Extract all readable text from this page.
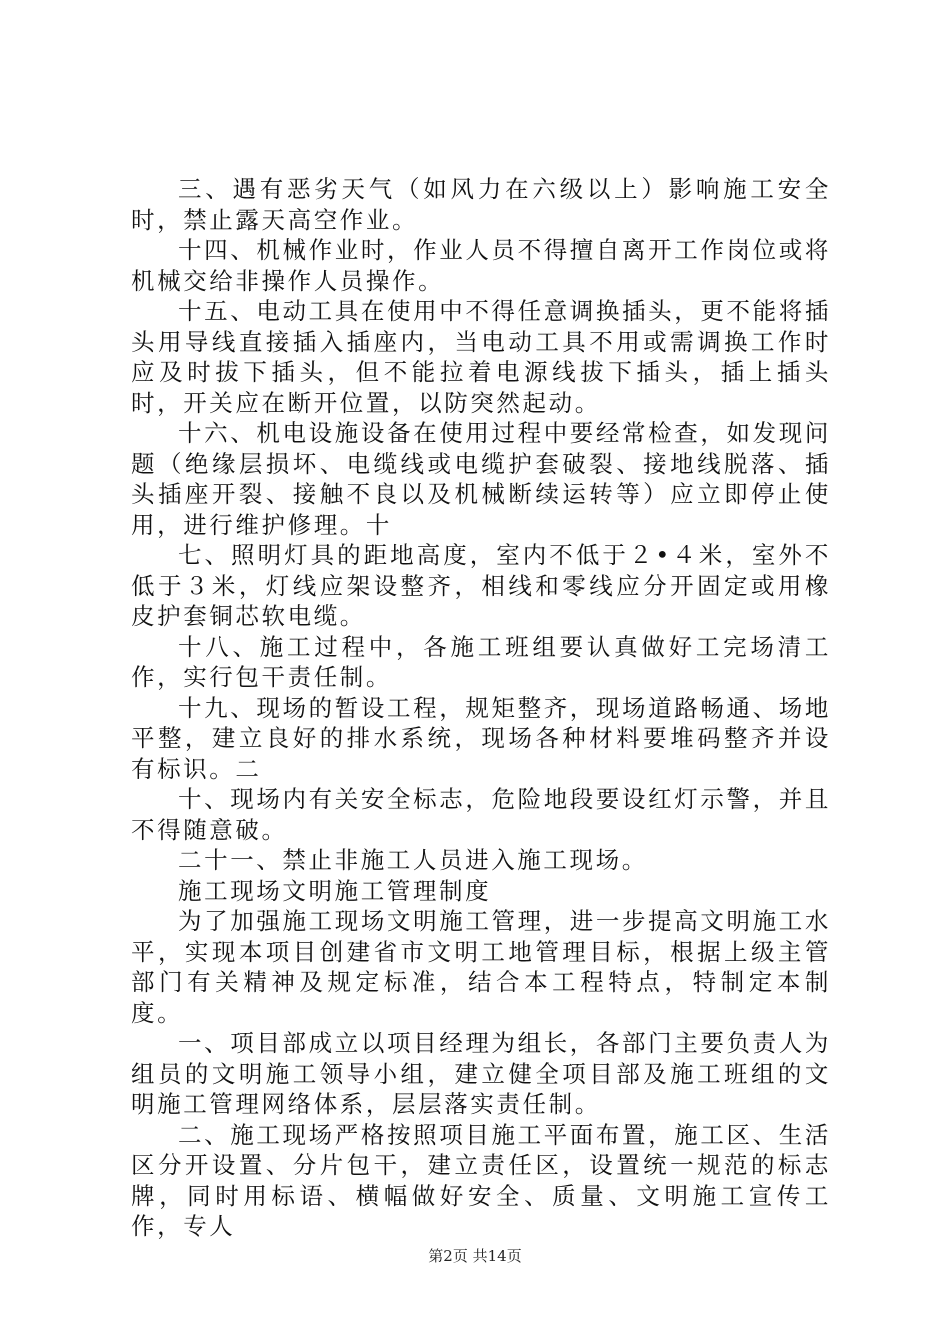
三、遇有恶劣天气（如风力在六级以上）影响施工安全时，禁止露天高空作业。

十四、机械作业时，作业人员不得擅自离开工作岗位或将机械交给非操作人员操作。

十五、电动工具在使用中不得任意调换插头，更不能将插头用导线直接插入插座内，当电动工具不用或需调换工作时应及时拔下插头，但不能拉着电源线拔下插头，插上插头时，开关应在断开位置，以防突然起动。

十六、机电设施设备在使用过程中要经常检查，如发现问题（绝缘层损坏、电缆线或电缆护套破裂、接地线脱落、插头插座开裂、接触不良以及机械断续运转等）应立即停止使用，进行维护修理。十

七、照明灯具的距地高度，室内不低于２•４米，室外不低于３米，灯线应架设整齐，相线和零线应分开固定或用橡皮护套铜芯软电缆。

十八、施工过程中，各施工班组要认真做好工完场清工作，实行包干责任制。

十九、现场的暂设工程，规矩整齐，现场道路畅通、场地平整，建立良好的排水系统，现场各种材料要堆码整齐并设有标识。二

十、现场内有关安全标志，危险地段要设红灯示警，并且不得随意破。

二十一、禁止非施工人员进入施工现场。

施工现场文明施工管理制度

为了加强施工现场文明施工管理，进一步提高文明施工水平，实现本项目创建省市文明工地管理目标，根据上级主管部门有关精神及规定标准，结合本工程特点，特制定本制度。

一、项目部成立以项目经理为组长，各部门主要负责人为组员的文明施工领导小组，建立健全项目部及施工班组的文明施工管理网络体系，层层落实责任制。

二、施工现场严格按照项目施工平面布置，施工区、生活区分开设置、分片包干，建立责任区，设置统一规范的标志牌，同时用标语、横幅做好安全、质量、文明施工宣传工作，专人

第2页 共14页
